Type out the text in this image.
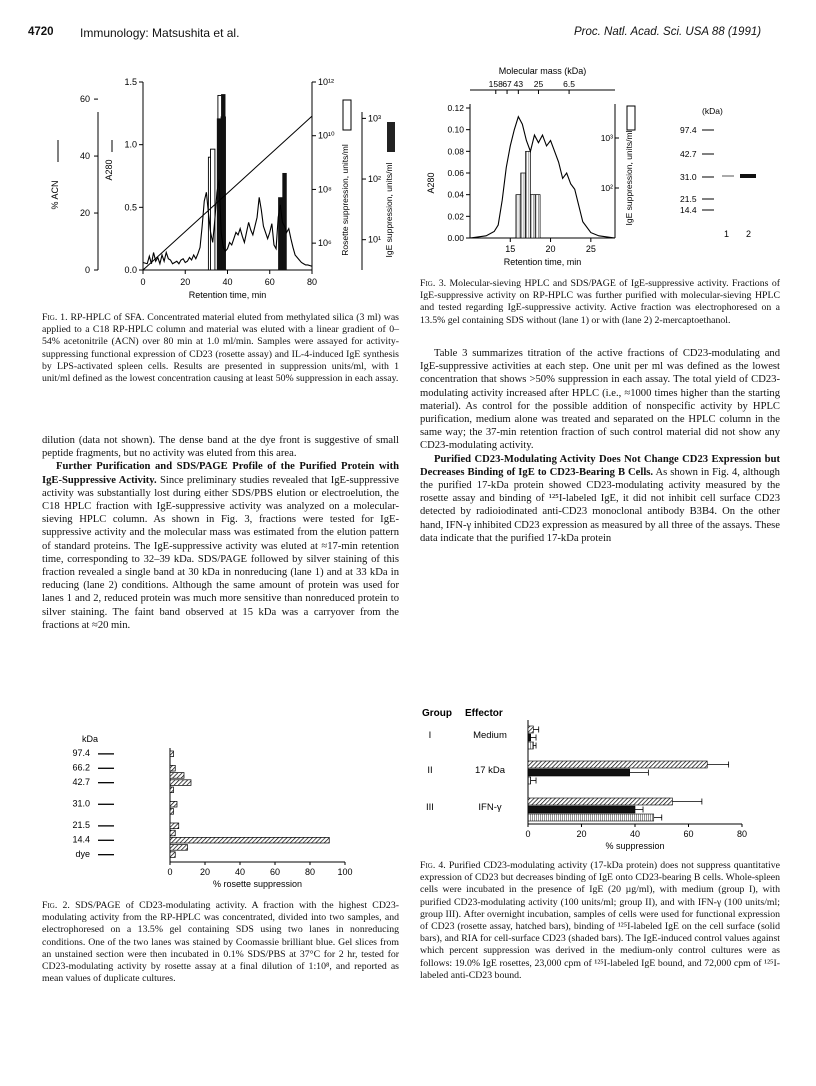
4720 Immunology: Matsushita et al.	Proc. Natl. Acad. Sci. USA 88 (1991)
0	20	40	60	80
Retention time, min
0.0
0.5
1.0
1.5
A280
0
20
40
60
% ACN
10⁶
10⁸
10¹⁰
10¹²
Rosette suppression, units/ml 10¹
10²
10³
IgE suppression, units/ml
Fig. 1. RP-HPLC of SFA. Concentrated material eluted from methylated silica (3 ml) was applied to a C18 RP-HPLC column and material was eluted with a linear gradient of 0–54% acetonitrile (ACN) over 80 min at 1.0 ml/min. Samples were assayed for activity-suppressing functional expression of CD23 (rosette assay) and IL-4-induced IgE synthesis by LPS-activated spleen cells. Results are presented in suppression units/ml, with 1 unit/ml defined as the lowest concentration causing at least 50% suppression in each assay.

dilution (data not shown). The dense band at the dye front is suggestive of small peptide fragments, but no activity was eluted from this area.

Further Purification and SDS/PAGE Profile of the Purified Protein with IgE-Suppressive Activity. Since preliminary studies revealed that IgE-suppressive activity was substantially lost during either SDS/PBS elution or electroelution, the C18 HPLC fraction with IgE-suppressive activity was analyzed on a molecular-sieving HPLC column. As shown in Fig. 3, fractions were tested for IgE-suppressive activity and the molecular mass was estimated from the elution pattern of standard proteins. The IgE-suppressive activity was eluted at ≈17-min retention time, corresponding to 32–39 kDa. SDS/PAGE followed by silver staining of this fraction revealed a single band at 30 kDa in nonreducing (lane 1) and at 33 kDa in reducing (lane 2) conditions. Although the same amount of protein was used for lanes 1 and 2, reduced protein was much more sensitive than nonreduced protein to silver staining. The faint band observed at 15 kDa was a carryover from the fractions at ≈20 min.

kDa
0	20	40	60	80 100
% rosette suppression
97.4
66.2
42.7
31.0
21.5
14.4
dye
Fig. 2. SDS/PAGE of CD23-modulating activity. A fraction with the highest CD23-modulating activity from the RP-HPLC was concentrated, divided into two samples, and electrophoresed on a 13.5% gel containing SDS using two lanes in nonreducing conditions. One of the two lanes was stained by Coomassie brilliant blue. Gel slices from an unstained section were then incubated in 0.1% SDS/PBS at 37°C for 2 hr, tested for CD23-modulating activity by rosette assay at a final dilution of 1:10⁸, and reported as mean values of duplicate cultures.
Molecular mass (kDa)
158 67 43 25 6.5
0.00
0.02
0.04
0.06
0.08
0.10
0.12
A280
15	20	25
Retention time, min
10²
10³ IgE suppression, units/ml
(kDa)
97.4
42.7
31.0
21.5
14.4
1 2
Fig. 3. Molecular-sieving HPLC and SDS/PAGE of IgE-suppressive activity. Fractions of IgE-suppressive activity on RP-HPLC was further purified with molecular-sieving HPLC and tested regarding IgE-suppressive activity. Active fraction was electrophoresed on a 13.5% gel containing SDS without (lane 1) or with (lane 2) 2-mercaptoethanol.

Table 3 summarizes titration of the active fractions of CD23-modulating and IgE-suppressive activities at each step. One unit per ml was defined as the lowest concentration that shows >50% suppression in each assay. The total yield of CD23-modulating activity increased after HPLC (i.e., ≈1000 times higher than the starting material). As control for the possible addition of nonspecific activity by HPLC purification, medium alone was treated and separated on the HPLC column in the same way; the 37-min retention fraction of such control material did not show any CD23-modulating activity.

Purified CD23-Modulating Activity Does Not Change CD23 Expression but Decreases Binding of IgE to CD23-Bearing B Cells. As shown in Fig. 4, although the purified 17-kDa protein showed CD23-modulating activity measured by the rosette assay and binding of ¹²⁵I-labeled IgE, it did not inhibit cell surface CD23 detected by radioiodinated anti-CD23 monoclonal antibody B3B4. On the other hand, IFN-γ inhibited CD23 expression as measured by all three of the assays. These data indicate that the purified 17-kDa protein

Group Effector
0	20	40	60	80
% suppression
I	Medium
II	17 kDa
III	IFN-γ
Fig. 4. Purified CD23-modulating activity (17-kDa protein) does not suppress quantitative expression of CD23 but decreases binding of IgE onto CD23-bearing B cells. Whole-spleen cells were incubated in the presence of IgE (20 µg/ml), with medium (group I), with purified CD23-modulating activity (100 units/ml; group II), and with IFN-γ (100 units/ml; group III). After overnight incubation, samples of cells were used for functional expression of CD23 (rosette assay, hatched bars), binding of ¹²⁵I-labeled IgE on the cell surface (solid bars), and RIA for cell-surface CD23 (shaded bars). The IgE-induced control values against which percent suppression was derived in the medium-only control cultures were as follows: 19.0% IgE rosettes, 23,000 cpm of ¹²⁵I-labeled IgE bound, and 72,000 cpm of ¹²⁵I-labeled anti-CD23 bound.
